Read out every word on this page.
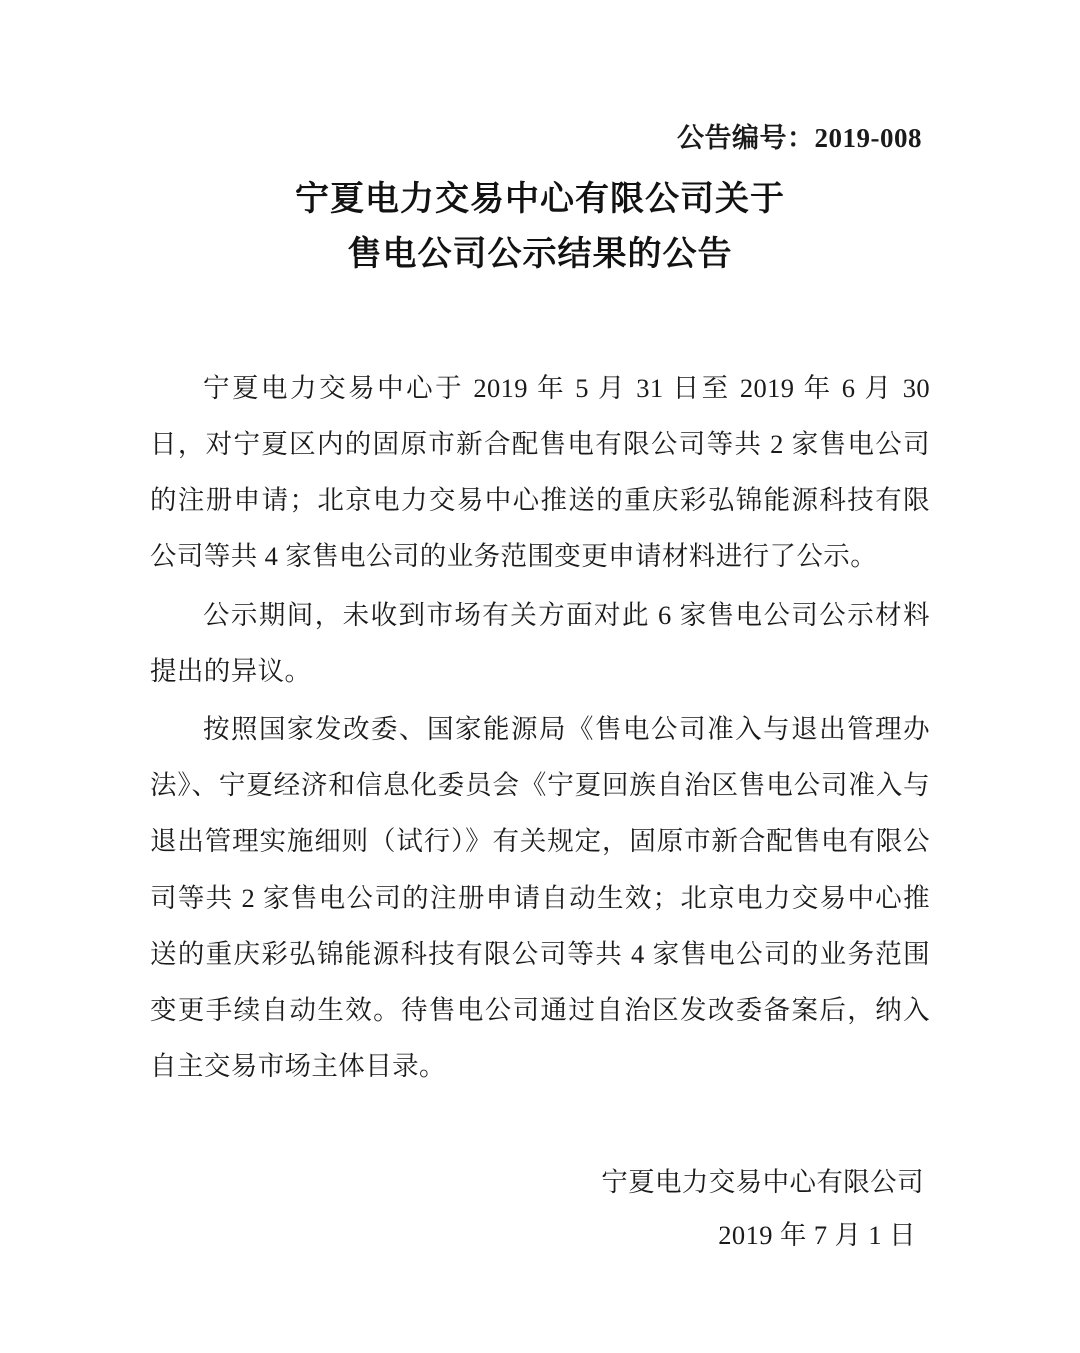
公告编号：2019-008
宁夏电力交易中心有限公司关于
售电公司公示结果的公告

宁夏电力交易中心于 2019 年 5 月 31 日至 2019 年 6 月 30 日，对宁夏区内的固原市新合配售电有限公司等共 2 家售电公司的注册申请；北京电力交易中心推送的重庆彩弘锦能源科技有限公司等共 4 家售电公司的业务范围变更申请材料进行了公示。

公示期间，未收到市场有关方面对此 6 家售电公司公示材料提出的异议。

按照国家发改委、国家能源局《售电公司准入与退出管理办法》、宁夏经济和信息化委员会《宁夏回族自治区售电公司准入与退出管理实施细则（试行）》有关规定，固原市新合配售电有限公司等共 2 家售电公司的注册申请自动生效；北京电力交易中心推送的重庆彩弘锦能源科技有限公司等共 4 家售电公司的业务范围变更手续自动生效。待售电公司通过自治区发改委备案后，纳入自主交易市场主体目录。

宁夏电力交易中心有限公司
2019 年 7 月 1 日
